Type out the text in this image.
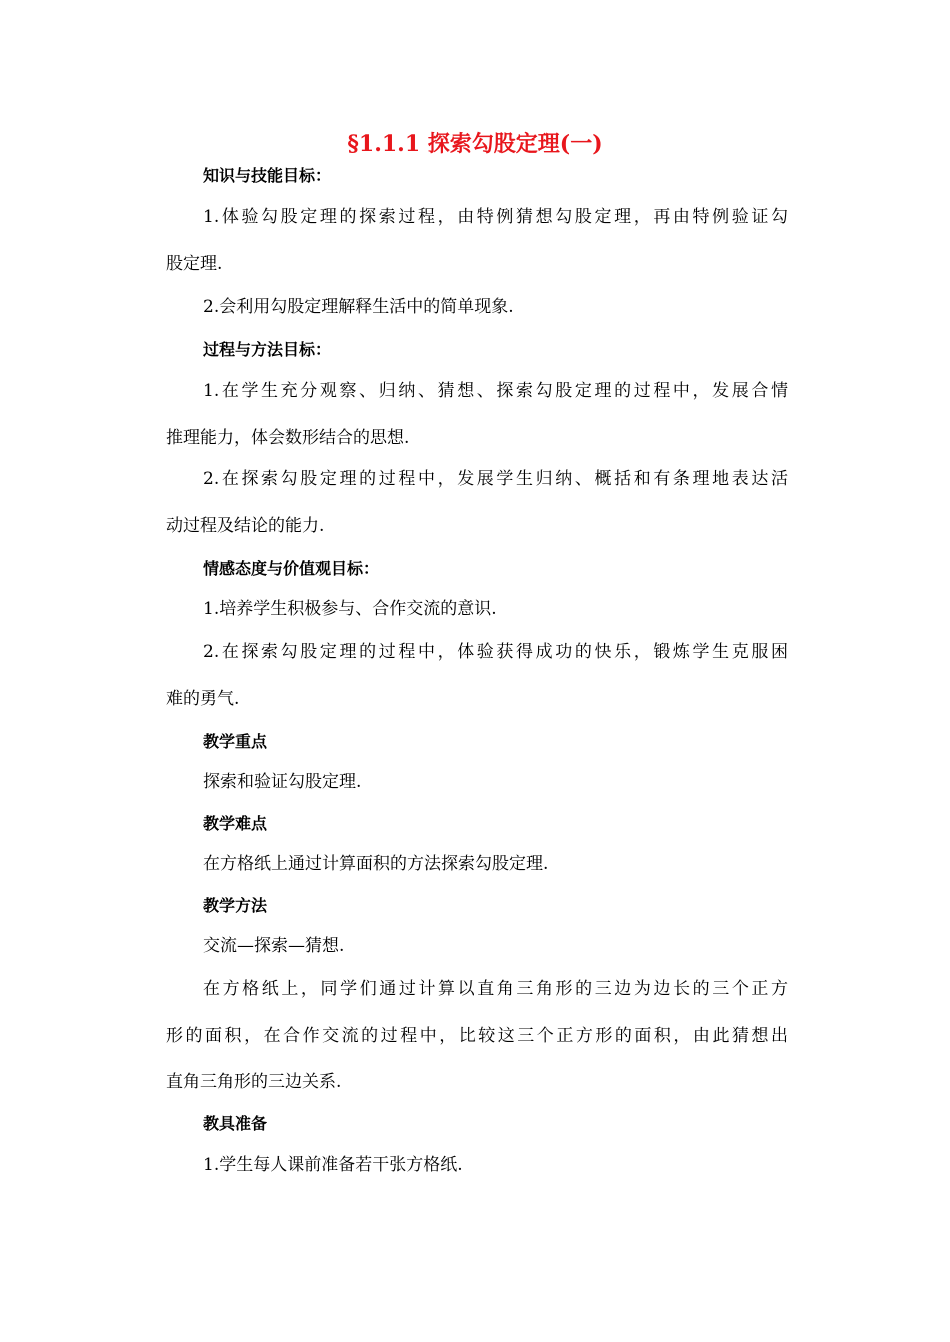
§1.1.1 探索勾股定理(一)
知识与技能目标：
1.体验勾股定理的探索过程，由特例猜想勾股定理，再由特例验证勾
股定理.
2.会利用勾股定理解释生活中的简单现象.
过程与方法目标：
1.在学生充分观察、归纳、猜想、探索勾股定理的过程中，发展合情
推理能力，体会数形结合的思想.
2.在探索勾股定理的过程中，发展学生归纳、概括和有条理地表达活
动过程及结论的能力.
情感态度与价值观目标：
1.培养学生积极参与、合作交流的意识.
2.在探索勾股定理的过程中，体验获得成功的快乐，锻炼学生克服困
难的勇气.
教学重点
探索和验证勾股定理.
教学难点
在方格纸上通过计算面积的方法探索勾股定理.
教学方法
交流—探索—猜想.
在方格纸上，同学们通过计算以直角三角形的三边为边长的三个正方
形的面积，在合作交流的过程中，比较这三个正方形的面积，由此猜想出
直角三角形的三边关系.
教具准备
1.学生每人课前准备若干张方格纸.
